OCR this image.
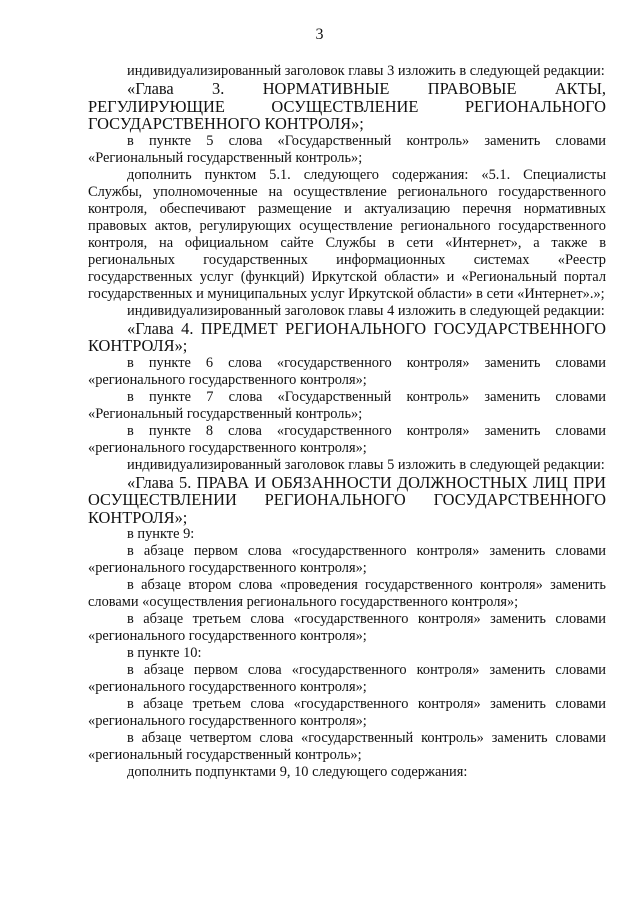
3

индивидуализированный заголовок главы 3 изложить в следующей редакции:

«Глава 3. НОРМАТИВНЫЕ ПРАВОВЫЕ АКТЫ, РЕГУЛИРУЮЩИЕ ОСУЩЕСТВЛЕНИЕ РЕГИОНАЛЬНОГО ГОСУДАРСТВЕННОГО КОНТРОЛЯ»;

в пункте 5 слова «Государственный контроль» заменить словами «Региональный государственный контроль»;

дополнить пунктом 5.1. следующего содержания: «5.1. Специалисты Службы, уполномоченные на осуществление регионального государственного контроля, обеспечивают размещение и актуализацию перечня нормативных правовых актов, регулирующих осуществление регионального государственного контроля, на официальном сайте Службы в сети «Интернет», а также в региональных государственных информационных системах «Реестр государственных услуг (функций) Иркутской области» и «Региональный портал государственных и муниципальных услуг Иркутской области» в сети «Интернет».»;

индивидуализированный заголовок главы 4 изложить в следующей редакции:

«Глава 4. ПРЕДМЕТ РЕГИОНАЛЬНОГО ГОСУДАРСТВЕННОГО КОНТРОЛЯ»;

в пункте 6 слова «государственного контроля» заменить словами «регионального государственного контроля»;

в пункте 7 слова «Государственный контроль» заменить словами «Региональный государственный контроль»;

в пункте 8 слова «государственного контроля» заменить словами «регионального государственного контроля»;

индивидуализированный заголовок главы 5 изложить в следующей редакции:

«Глава 5. ПРАВА И ОБЯЗАННОСТИ ДОЛЖНОСТНЫХ ЛИЦ ПРИ ОСУЩЕСТВЛЕНИИ РЕГИОНАЛЬНОГО ГОСУДАРСТВЕННОГО КОНТРОЛЯ»;

в пункте 9:

в абзаце первом слова «государственного контроля» заменить словами «регионального государственного контроля»;

в абзаце втором слова «проведения государственного контроля» заменить словами «осуществления регионального государственного контроля»;

в абзаце третьем слова «государственного контроля» заменить словами «регионального государственного контроля»;

в пункте 10:

в абзаце первом слова «государственного контроля» заменить словами «регионального государственного контроля»;

в абзаце третьем слова «государственного контроля» заменить словами «регионального государственного контроля»;

в абзаце четвертом слова «государственный контроль» заменить словами «региональный государственный контроль»;

дополнить подпунктами 9, 10 следующего содержания:
